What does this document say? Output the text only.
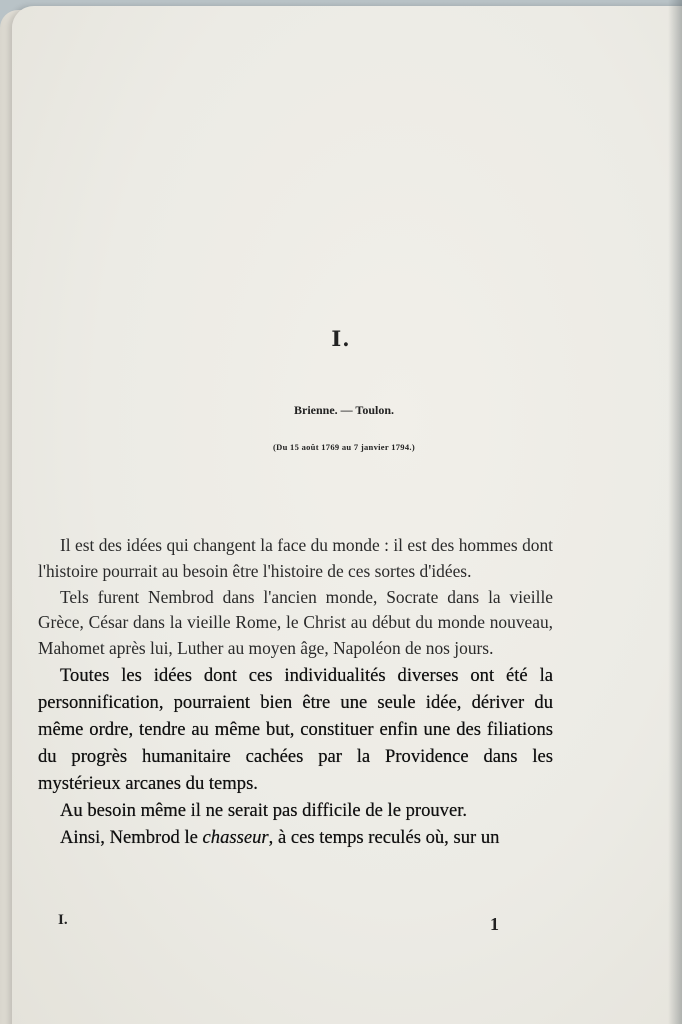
I.
Brienne. — Toulon.
(Du 15 août 1769 au 7 janvier 1794.)

Il est des idées qui changent la face du monde : il est des hommes dont l'histoire pourrait au besoin être l'histoire de ces sortes d'idées.

Tels furent Nembrod dans l'ancien monde, Socrate dans la vieille Grèce, César dans la vieille Rome, le Christ au début du monde nouveau, Mahomet après lui, Luther au moyen âge, Napoléon de nos jours.

Toutes les idées dont ces individualités diverses ont été la personnification, pourraient bien être une seule idée, dériver du même ordre, tendre au même but, constituer enfin une des filiations du progrès humanitaire cachées par la Providence dans les mystérieux arcanes du temps.

Au besoin même il ne serait pas difficile de le prouver.

Ainsi, Nembrod le chasseur, à ces temps reculés où, sur un

I.	1
